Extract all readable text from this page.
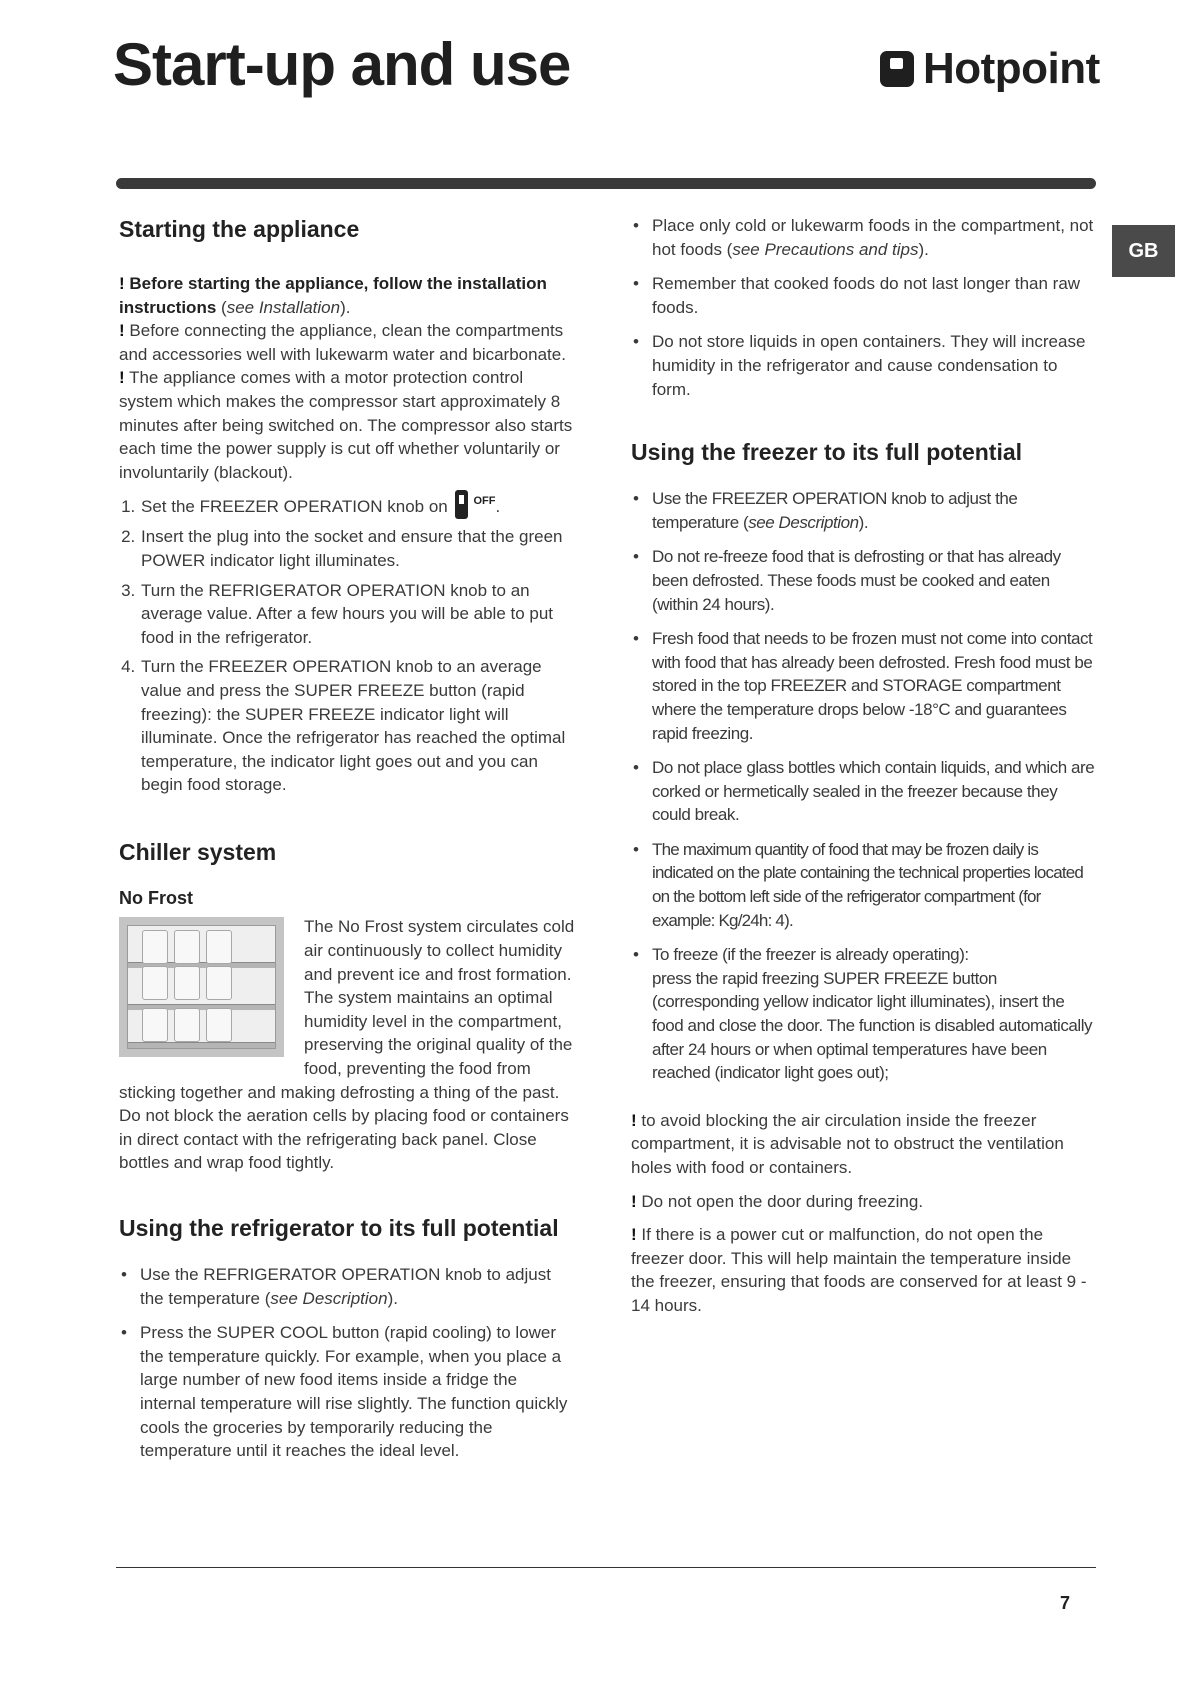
Start-up and use	Hotpoint
GB
Starting the appliance

! Before starting the appliance, follow the installation instructions (see Installation).

! Before connecting the appliance, clean the compartments and accessories well with lukewarm water and bicarbonate.

! The appliance comes with a motor protection control system which makes the compressor start approximately 8 minutes after being switched on. The compressor also starts each time the power supply is cut off whether voluntarily or involuntarily (blackout).

1. Set the FREEZER OPERATION knob on $^{OFF}$.
2. Insert the plug into the socket and ensure that the green POWER indicator light illuminates.
3. Turn the REFRIGERATOR OPERATION knob to an average value. After a few hours you will be able to put food in the refrigerator.
4. Turn the FREEZER OPERATION knob to an average value and press the SUPER FREEZE button (rapid freezing): the SUPER FREEZE indicator light will illuminate. Once the refrigerator has reached the optimal temperature, the indicator light goes out and you can begin food storage.
Chiller system

No Frost

The No Frost system circulates cold air continuously to collect humidity and prevent ice and frost formation. The system maintains an optimal humidity level in the compartment, preserving the original quality of the food, preventing the food from sticking together and making defrosting a thing of the past. Do not block the aeration cells by placing food or containers in direct contact with the refrigerating back panel. Close bottles and wrap food tightly.

Using the refrigerator to its full potential
• Use the REFRIGERATOR OPERATION knob to adjust the temperature (see Description).
• Press the SUPER COOL button (rapid cooling) to lower the temperature quickly. For example, when you place a large number of new food items inside a fridge the internal temperature will rise slightly. The function quickly cools the groceries by temporarily reducing the temperature until it reaches the ideal level.
• Place only cold or lukewarm foods in the compartment, not hot foods (see Precautions and tips).
• Remember that cooked foods do not last longer than raw foods.
• Do not store liquids in open containers. They will increase humidity in the refrigerator and cause condensation to form.
Using the freezer to its full potential
• Use the FREEZER OPERATION knob to adjust the temperature (see Description).
• Do not re-freeze food that is defrosting or that has already been defrosted. These foods must be cooked and eaten (within 24 hours).
• Fresh food that needs to be frozen must not come into contact with food that has already been defrosted. Fresh food must be stored in the top FREEZER and STORAGE compartment where the temperature drops below -18°C and guarantees rapid freezing.
• Do not place glass bottles which contain liquids, and which are corked or hermetically sealed in the freezer because they could break.
• The maximum quantity of food that may be frozen daily is indicated on the plate containing the technical properties located on the bottom left side of the refrigerator compartment (for example: Kg/24h: 4).
• To freeze (if the freezer is already operating):
press the rapid freezing SUPER FREEZE button (corresponding yellow indicator light illuminates), insert the food and close the door. The function is disabled automatically after 24 hours or when optimal temperatures have been reached (indicator light goes out);

! to avoid blocking the air circulation inside the freezer compartment, it is advisable not to obstruct the ventilation holes with food or containers.

! Do not open the door during freezing.

! If there is a power cut or malfunction, do not open the freezer door. This will help maintain the temperature inside the freezer, ensuring that foods are conserved for at least 9 - 14 hours.

7
